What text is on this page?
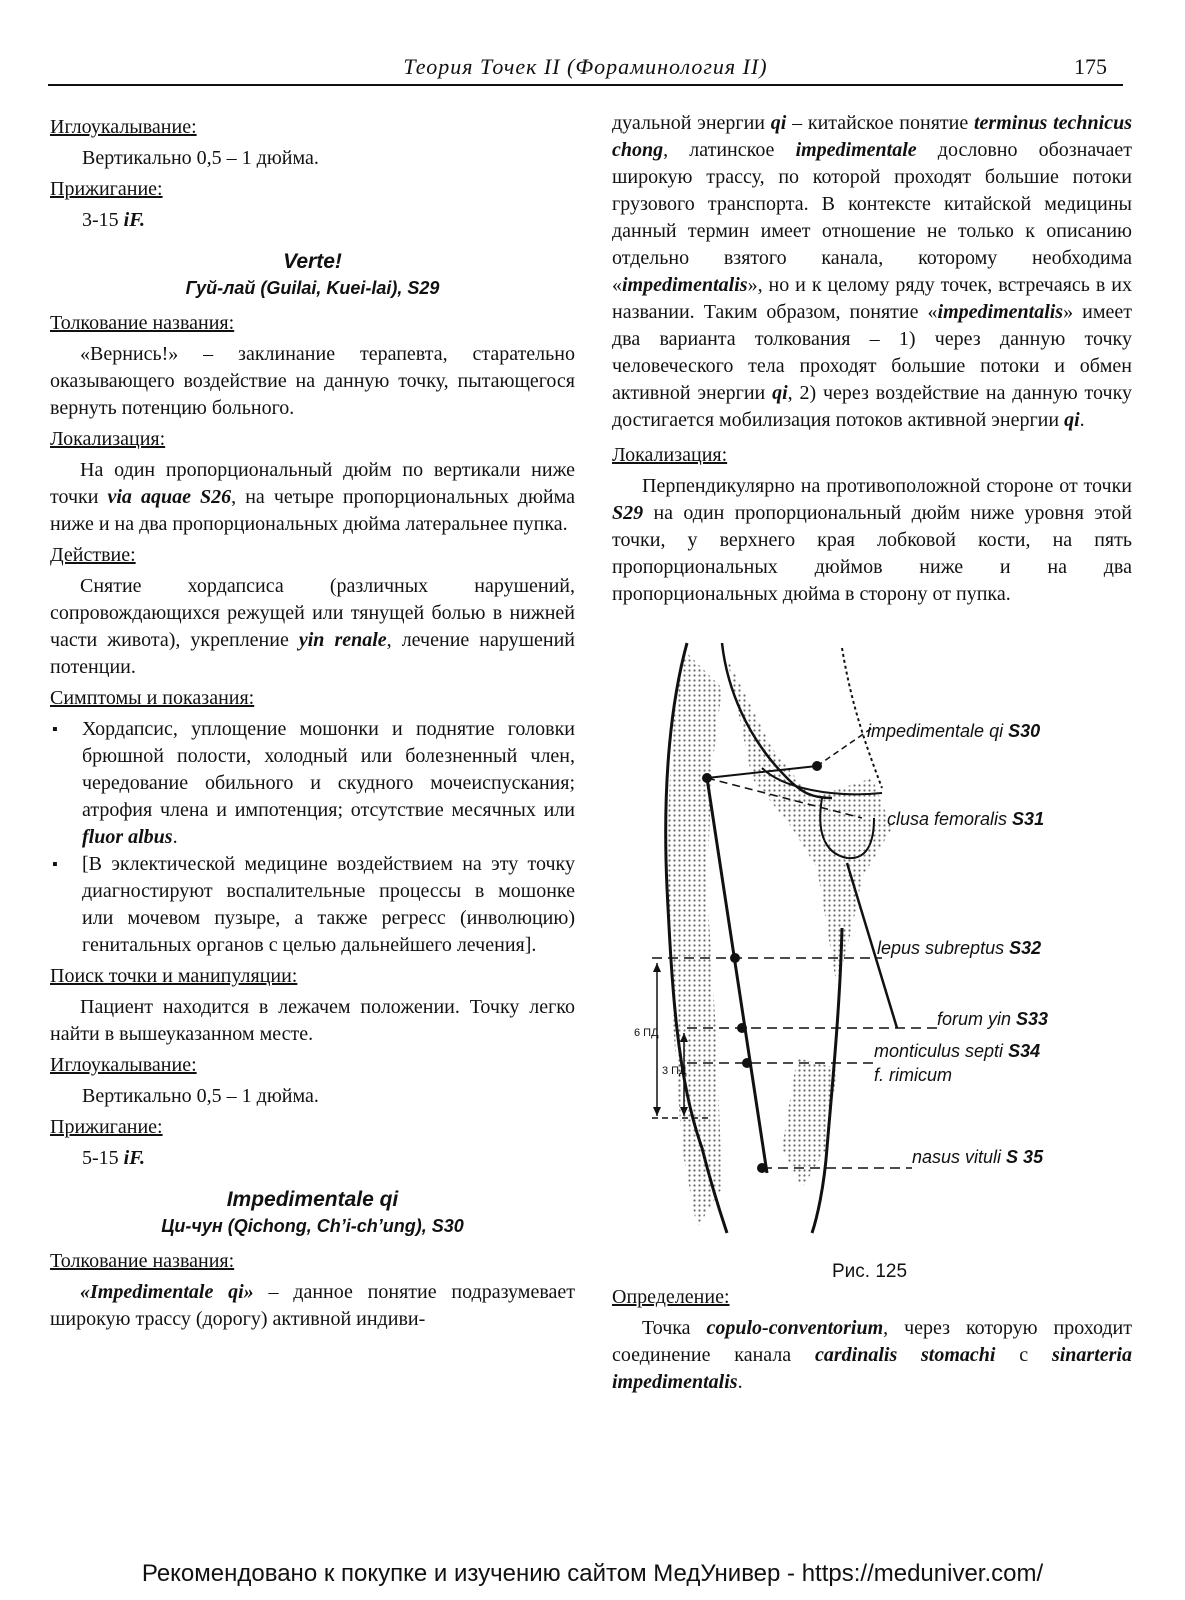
Теория Точек II (Фораминология II)	175
Иглоукалывание:

Вертикально 0,5 – 1 дюйма.

Прижигание:

3-15 iF.

Verte!
Гуй-лай (Guilai, Kuei-lai), S29
Толкование названия:

«Вернись!» – заклинание терапевта, старательно оказывающего воздействие на данную точку, пытающегося вернуть потенцию больного.

Локализация:

На один пропорциональный дюйм по вертикали ниже точки via aquae S26, на четыре пропорциональных дюйма ниже и на два пропорциональных дюйма латеральнее пупка.

Действие:

Снятие хордапсиса (различных нарушений, сопровождающихся режущей или тянущей болью в нижней части живота), укрепление yin renale, лечение нарушений потенции.

Симптомы и показания:
▪ Хордапсис, уплощение мошонки и поднятие головки брюшной полости, холодный или болезненный член, чередование обильного и скудного мочеиспускания; атрофия члена и импотенция; отсутствие месячных или fluor albus.
▪ [В эклектической медицине воздействием на эту точку диагностируют воспалительные процессы в мошонке или мочевом пузыре, а также регресс (инволюцию) генитальных органов с целью дальнейшего лечения].
Поиск точки и манипуляции:

Пациент находится в лежачем положении. Точку легко найти в вышеуказанном месте.

Иглоукалывание:

Вертикально 0,5 – 1 дюйма.

Прижигание:

5-15 iF.

Impedimentale qi
Ци-чун (Qichong, Ch’i-ch’ung), S30
Толкование названия:

«Impedimentale qi» – данное понятие подразумевает широкую трассу (дорогу) активной индиви-

дуальной энергии qi – китайское понятие terminus technicus chong, латинское impedimentale дословно обозначает широкую трассу, по которой проходят большие потоки грузового транспорта. В контексте китайской медицины данный термин имеет отношение не только к описанию отдельно взятого канала, которому необходима «impedimentalis», но и к целому ряду точек, встречаясь в их названии. Таким образом, понятие «impedimentalis» имеет два варианта толкования – 1) через данную точку человеческого тела проходят большие потоки и обмен активной энергии qi, 2) через воздействие на данную точку достигается мобилизация потоков активной энергии qi.

Локализация:

Перпендикулярно на противоположной стороне от точки S29 на один пропорциональный дюйм ниже уровня этой точки, у верхнего края лобковой кости, на пять пропорциональных дюймов ниже и на два пропорциональных дюйма в сторону от пупка.

impedimentale qi S30
clusa femoralis S31
lepus subreptus S32
forum yin S33
monticulus septi S34
f. rimicum
nasus vituli S 35
6 ПД
3 ПД
Рис. 125
Определение:

Точка copulo-conventorium, через которую проходит соединение канала cardinalis stomachi с sinarteria impedimentalis.

Рекомендовано к покупке и изучению сайтом МедУнивер - https://meduniver.com/
